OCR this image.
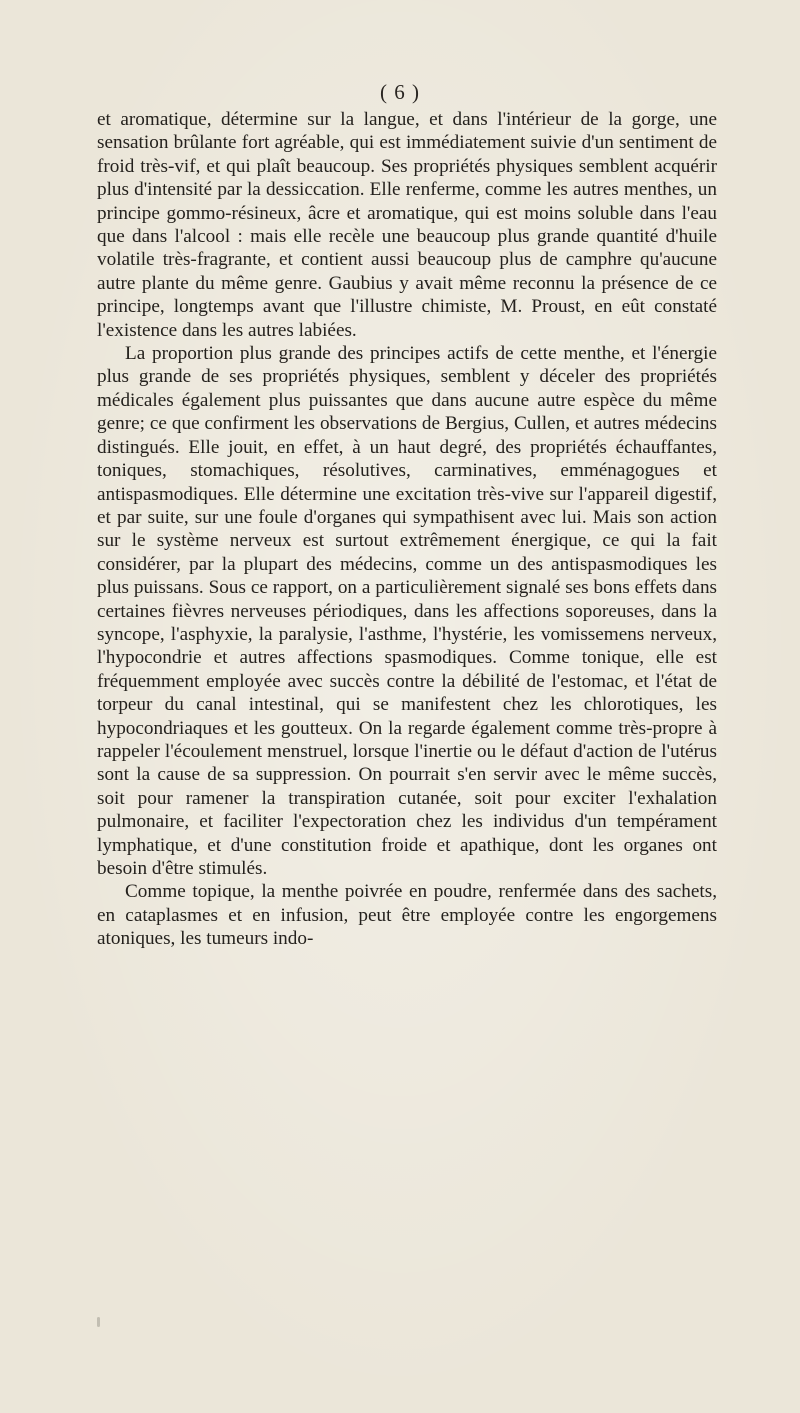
( 6 )

et aromatique, détermine sur la langue, et dans l'intérieur de la gorge, une sensation brûlante fort agréable, qui est immédiatement suivie d'un sentiment de froid très-vif, et qui plaît beaucoup. Ses propriétés physiques semblent acquérir plus d'intensité par la dessiccation. Elle renferme, comme les autres menthes, un principe gommo-résineux, âcre et aromatique, qui est moins soluble dans l'eau que dans l'alcool : mais elle recèle une beaucoup plus grande quantité d'huile volatile très-fragrante, et contient aussi beaucoup plus de camphre qu'aucune autre plante du même genre. Gaubius y avait même reconnu la présence de ce principe, longtemps avant que l'illustre chimiste, M. Proust, en eût constaté l'existence dans les autres labiées.

La proportion plus grande des principes actifs de cette menthe, et l'énergie plus grande de ses propriétés physiques, semblent y déceler des propriétés médicales également plus puissantes que dans aucune autre espèce du même genre; ce que confirment les observations de Bergius, Cullen, et autres médecins distingués. Elle jouit, en effet, à un haut degré, des propriétés échauffantes, toniques, stomachiques, résolutives, carminatives, emménagogues et antispasmodiques. Elle détermine une excitation très-vive sur l'appareil digestif, et par suite, sur une foule d'organes qui sympathisent avec lui. Mais son action sur le système nerveux est surtout extrêmement énergique, ce qui la fait considérer, par la plupart des médecins, comme un des antispasmodiques les plus puissans. Sous ce rapport, on a particulièrement signalé ses bons effets dans certaines fièvres nerveuses périodiques, dans les affections soporeuses, dans la syncope, l'asphyxie, la paralysie, l'asthme, l'hystérie, les vomissemens nerveux, l'hypocondrie et autres affections spasmodiques. Comme tonique, elle est fréquemment employée avec succès contre la débilité de l'estomac, et l'état de torpeur du canal intestinal, qui se manifestent chez les chlorotiques, les hypocondriaques et les goutteux. On la regarde également comme très-propre à rappeler l'écoulement menstruel, lorsque l'inertie ou le défaut d'action de l'utérus sont la cause de sa suppression. On pourrait s'en servir avec le même succès, soit pour ramener la transpiration cutanée, soit pour exciter l'exhalation pulmonaire, et faciliter l'expectoration chez les individus d'un tempérament lymphatique, et d'une constitution froide et apathique, dont les organes ont besoin d'être stimulés.

Comme topique, la menthe poivrée en poudre, renfermée dans des sachets, en cataplasmes et en infusion, peut être employée contre les engorgemens atoniques, les tumeurs indo-
